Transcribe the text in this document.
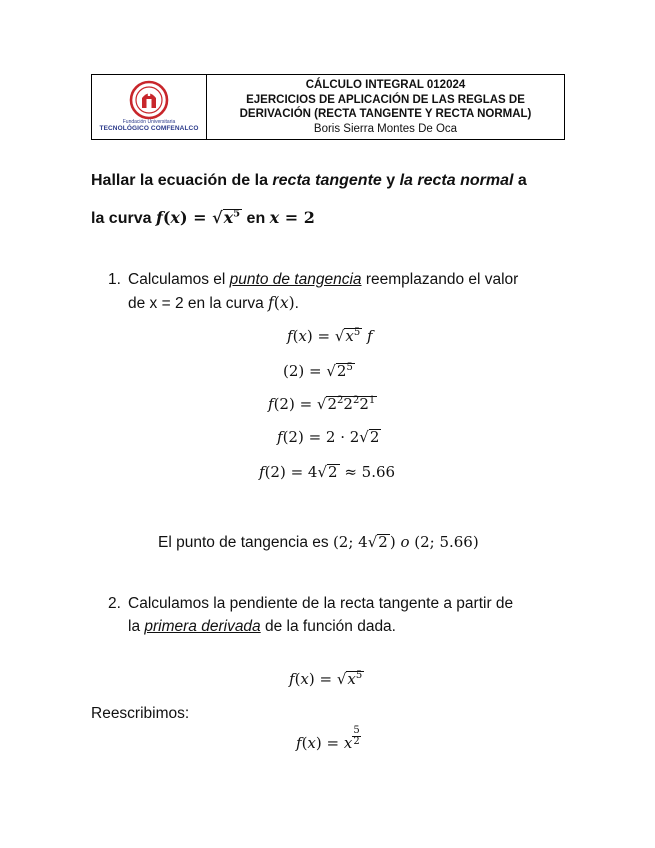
Fundación Universitaria
TECNOLÓGICO COMFENALCO
CÁLCULO INTEGRAL 012024
EJERCICIOS DE APLICACIÓN DE LAS REGLAS DE
DERIVACIÓN (RECTA TANGENTE Y RECTA NORMAL)
Boris Sierra Montes De Oca
Hallar la ecuación de la recta tangente y la recta normal a
la curva $f(x) = √x^5$ en x = 2
1. Calculamos el punto de tangencia reemplazando el valor
de x = 2 en la curva f(x).
$f(x) = √x^5$ f
$(2) = √2^5$
$f(2) = √2^22^22^1$
f(2) = 2 · 2√2
f(2) = 4√2 ≈ 5.66
El punto de tangencia es (2; 4√2 ) o (2; 5.66)
2. Calculamos la pendiente de la recta tangente a partir de
la primera derivada de la función dada.
$f(x) = √x^5$
Reescribimos:
f(x) = x $\frac{5}{2}$
